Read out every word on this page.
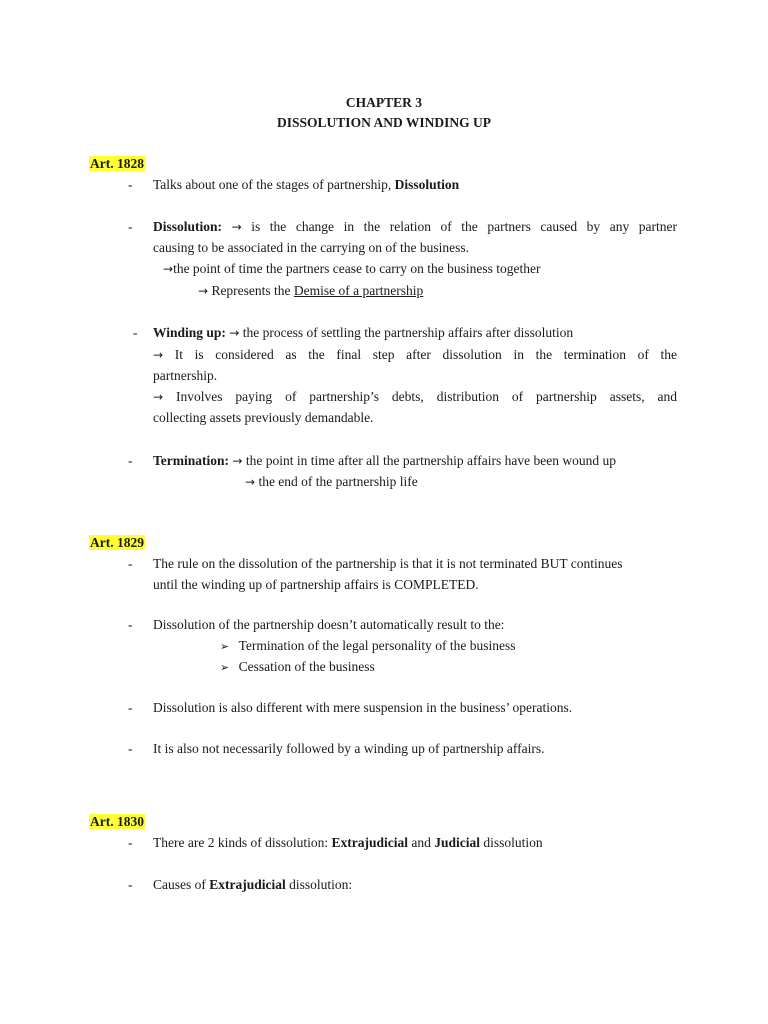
CHAPTER 3
DISSOLUTION AND WINDING UP
Art. 1828
- Talks about one of the stages of partnership, Dissolution
- Dissolution: → is the change in the relation of the partners caused by any partner
causing to be associated in the carrying on of the business.
→the point of time the partners cease to carry on the business together
→ Represents the Demise of a partnership
- Winding up: → the process of settling the partnership affairs after dissolution
→ It is considered as the final step after dissolution in the termination of the
partnership.
→ Involves paying of partnership’s debts, distribution of partnership assets, and
collecting assets previously demandable.
- Termination: → the point in time after all the partnership affairs have been wound up
→ the end of the partnership life
Art. 1829
- The rule on the dissolution of the partnership is that it is not terminated BUT continues
until the winding up of partnership affairs is COMPLETED.
- Dissolution of the partnership doesn’t automatically result to the:
➢ Termination of the legal personality of the business
➢ Cessation of the business
- Dissolution is also different with mere suspension in the business’ operations.
- It is also not necessarily followed by a winding up of partnership affairs.
Art. 1830
- There are 2 kinds of dissolution: Extrajudicial and Judicial dissolution
- Causes of Extrajudicial dissolution:
